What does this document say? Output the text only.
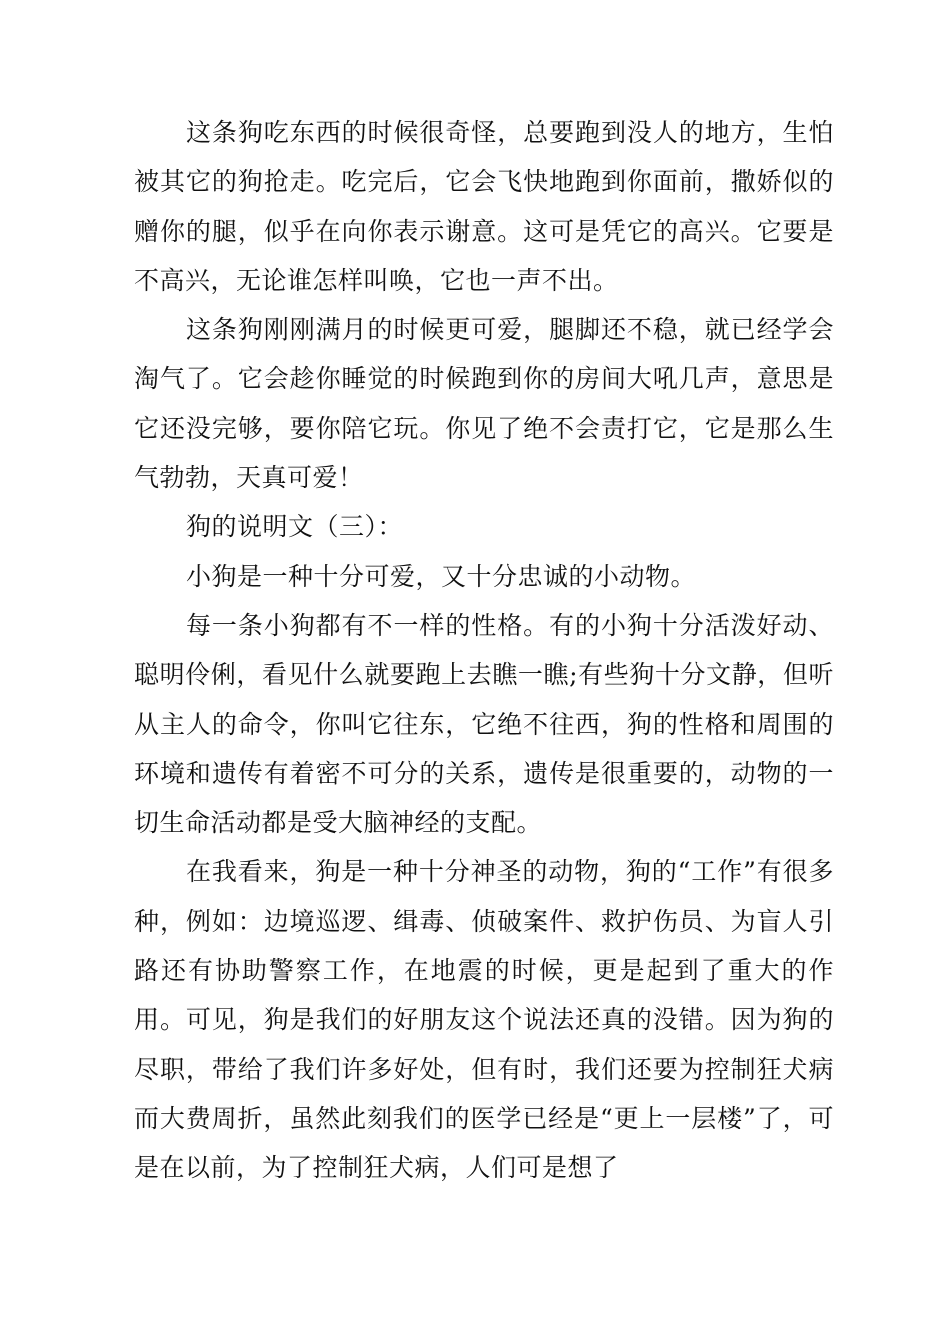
这条狗吃东西的时候很奇怪，总要跑到没人的地方，生怕被其它的狗抢走。吃完后，它会飞快地跑到你面前，撒娇似的赠你的腿，似乎在向你表示谢意。这可是凭它的高兴。它要是不高兴，无论谁怎样叫唤，它也一声不出。

这条狗刚刚满月的时候更可爱，腿脚还不稳，就已经学会淘气了。它会趁你睡觉的时候跑到你的房间大吼几声，意思是它还没完够，要你陪它玩。你见了绝不会责打它，它是那么生气勃勃，天真可爱！

狗的说明文（三）：

小狗是一种十分可爱，又十分忠诚的小动物。

每一条小狗都有不一样的性格。有的小狗十分活泼好动、聪明伶俐，看见什么就要跑上去瞧一瞧;有些狗十分文静，但听从主人的命令，你叫它往东，它绝不往西，狗的性格和周围的环境和遗传有着密不可分的关系，遗传是很重要的，动物的一切生命活动都是受大脑神经的支配。

在我看来，狗是一种十分神圣的动物，狗的“工作”有很多种，例如：边境巡逻、缉毒、侦破案件、救护伤员、为盲人引路还有协助警察工作，在地震的时候，更是起到了重大的作用。可见，狗是我们的好朋友这个说法还真的没错。因为狗的尽职，带给了我们许多好处，但有时，我们还要为控制狂犬病而大费周折，虽然此刻我们的医学已经是“更上一层楼”了，可是在以前，为了控制狂犬病，人们可是想了
